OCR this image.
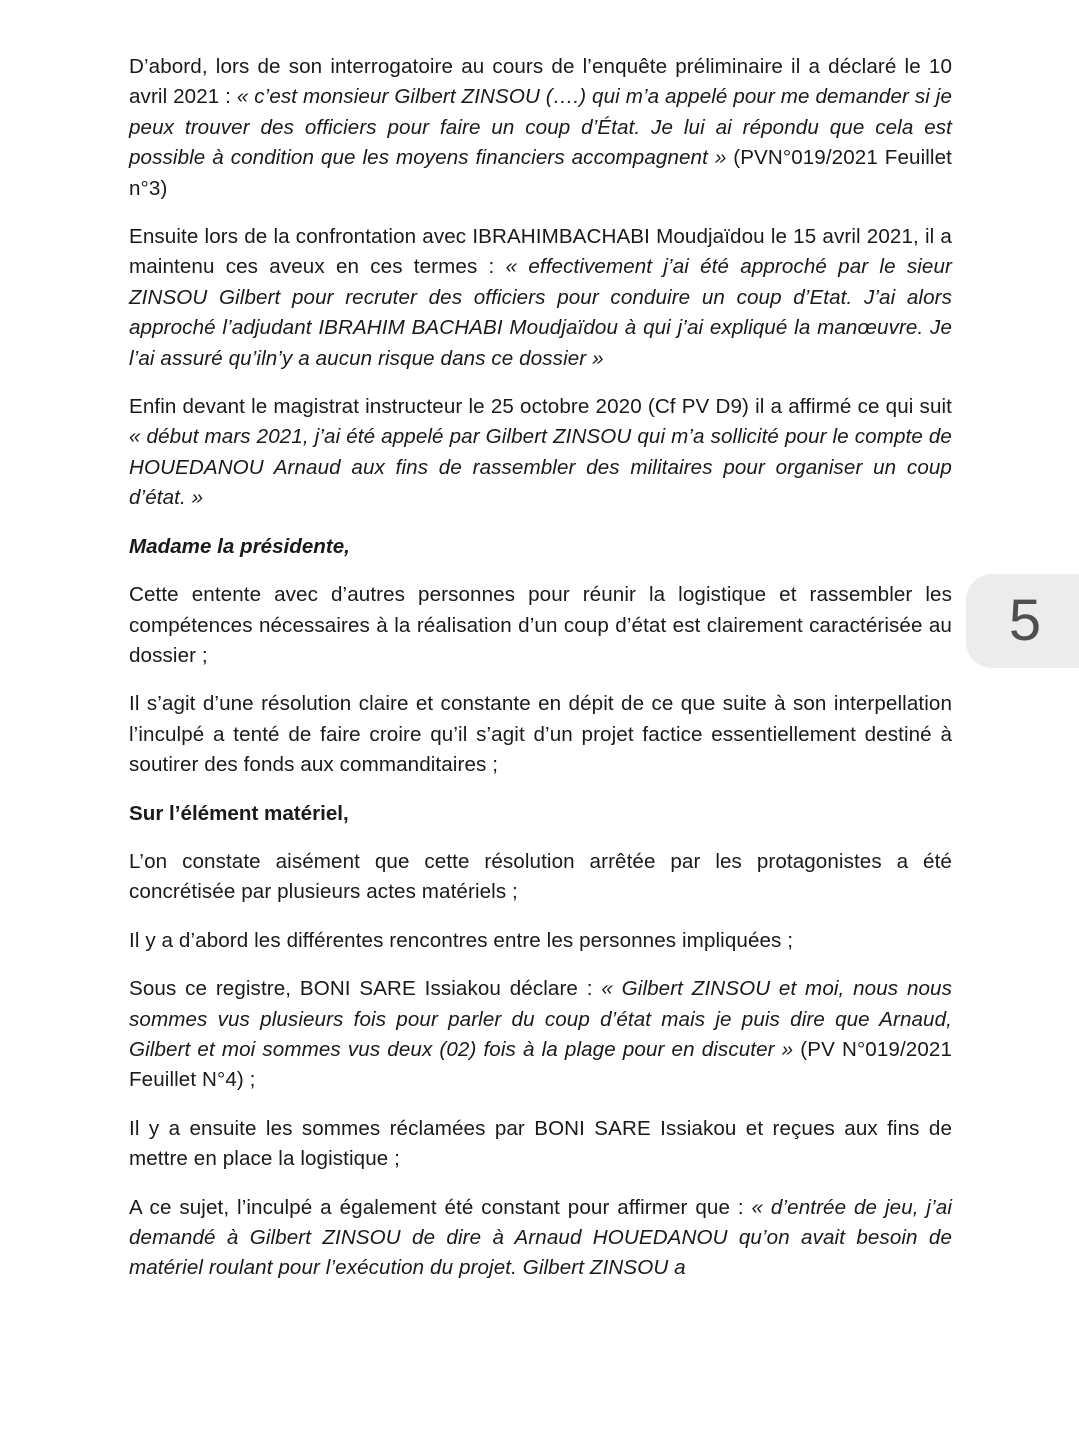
D’abord, lors de son interrogatoire au cours de l’enquête préliminaire il a déclaré le 10 avril 2021 : « c’est monsieur Gilbert ZINSOU (….) qui m’a appelé pour me demander si je peux trouver des officiers pour faire un coup d’État. Je lui ai répondu que cela est possible à condition que les moyens financiers accompagnent » (PVN°019/2021 Feuillet n°3)

Ensuite lors de la confrontation avec IBRAHIMBACHABI Moudjaïdou le 15 avril 2021, il a maintenu ces aveux en ces termes : « effectivement j’ai été approché par le sieur ZINSOU Gilbert pour recruter des officiers pour conduire un coup d’Etat. J’ai alors approché l’adjudant IBRAHIM BACHABI Moudjaïdou à qui j’ai expliqué la manœuvre. Je l’ai assuré qu’iln’y a aucun risque dans ce dossier »

Enfin devant le magistrat instructeur le 25 octobre 2020 (Cf PV D9) il a affirmé ce qui suit « début mars 2021, j’ai été appelé par Gilbert ZINSOU qui m’a sollicité pour le compte de HOUEDANOU Arnaud aux fins de rassembler des militaires pour organiser un coup d’état. »

Madame la présidente,

Cette entente avec d’autres personnes pour réunir la logistique et rassembler les compétences nécessaires à la réalisation d’un coup d’état est clairement caractérisée au dossier ;

Il s’agit d’une résolution claire et constante en dépit de ce que suite à son interpellation l’inculpé a tenté de faire croire qu’il s’agit d’un projet factice essentiellement destiné à soutirer des fonds aux commanditaires ;

Sur l’élément matériel,

L’on constate aisément que cette résolution arrêtée par les protagonistes a été concrétisée par plusieurs actes matériels ;

Il y a d’abord les différentes rencontres entre les personnes impliquées ;

Sous ce registre, BONI SARE Issiakou déclare : « Gilbert ZINSOU et moi, nous nous sommes vus plusieurs fois pour parler du coup d’état mais je puis dire que Arnaud, Gilbert et moi sommes vus deux (02) fois à la plage pour en discuter » (PV N°019/2021 Feuillet N°4) ;

Il y a ensuite les sommes réclamées par BONI SARE Issiakou et reçues aux fins de mettre en place la logistique ;

A ce sujet, l’inculpé a également été constant pour affirmer que : « d’entrée de jeu, j’ai demandé à Gilbert ZINSOU de dire à Arnaud HOUEDANOU qu’on avait besoin de matériel roulant pour l’exécution du projet. Gilbert ZINSOU a

5
